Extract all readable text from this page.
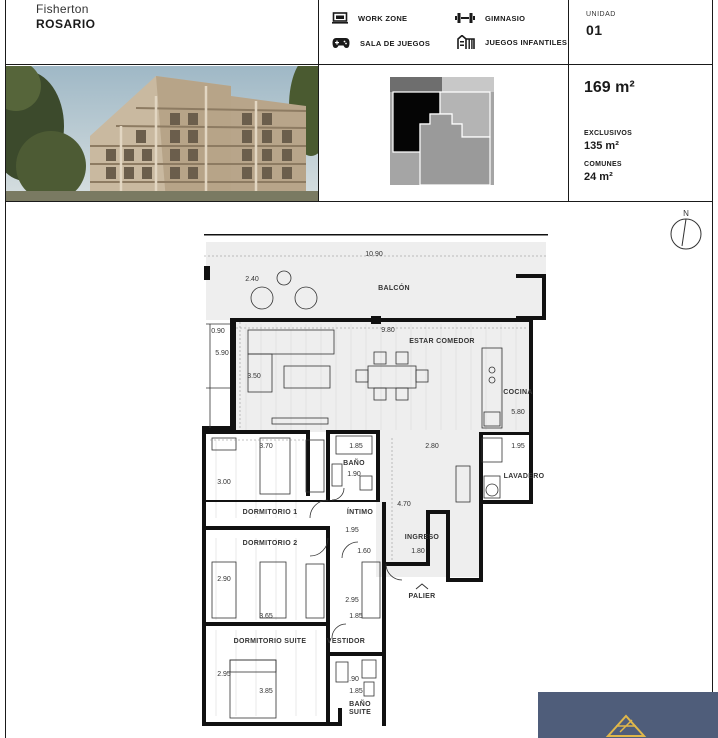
Fisherton
ROSARIO	WORK ZONE	GIMNASIO
SALA DE JUEGOS	JUEGOS INFANTILES
UNIDAD
01
169 m²
EXCLUSIVOS
135 m²
COMUNES
24 m²
N
BALCÓN
ESTAR COMEDOR
COCINA
LAVADERO
BAÑO
ÍNTIMO
INGRESO
DORMITORIO 1
DORMITORIO 2
DORMITORIO SUITE	VESTIDOR
BAÑO
SUITE
PALIER
10.90
2.40
9.80
0.90
5.90
3.50
5.80
3.70	1.85	2.80	1.95
1.90
3.00
4.70
1.95
1.60	1.80
2.90
3.65
2.95
1.85
2.95
3.85
.90
1.85
